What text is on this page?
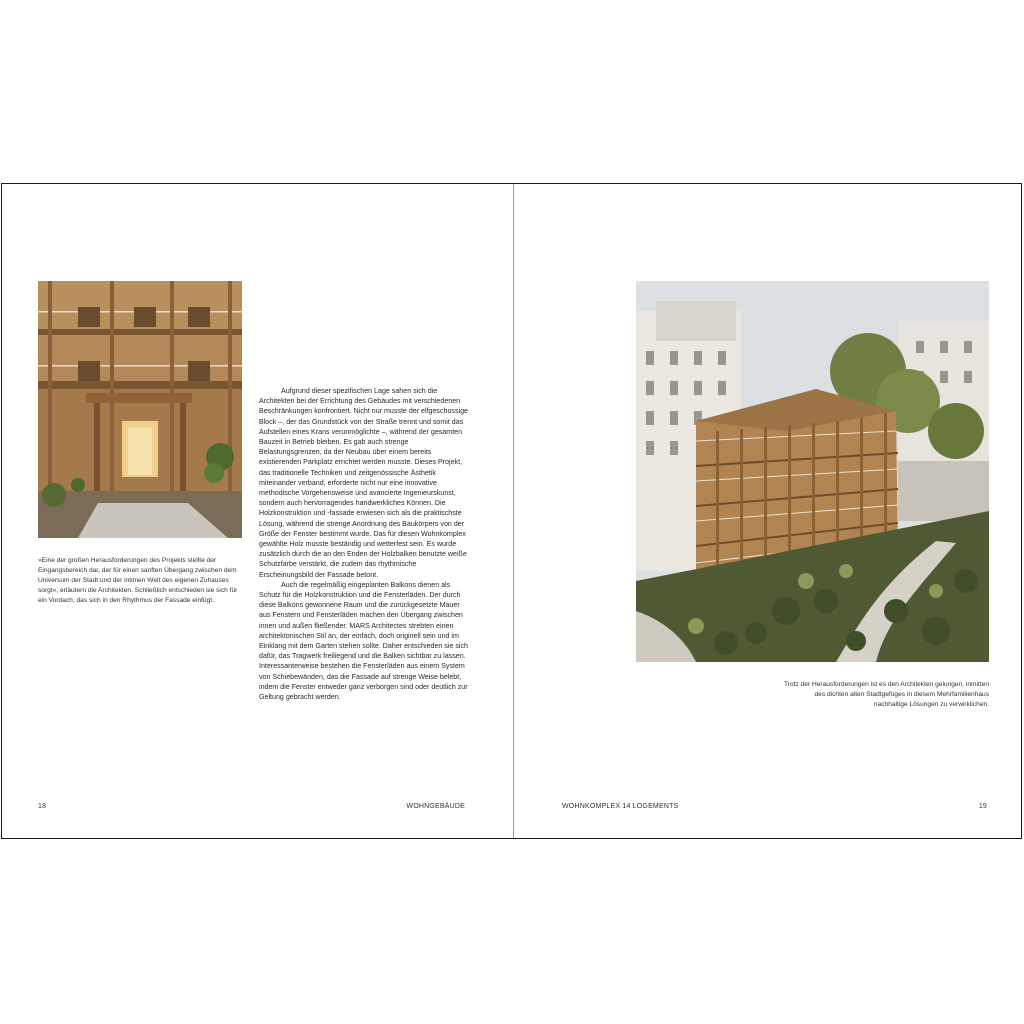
»Eine der großen Herausforderungen des Projekts stellte der Eingangsbereich dar, der für einen sanften Übergang zwischen dem Universum der Stadt und der intimen Welt des eigenen Zuhauses sorgt«, erläutern die Architekten. Schließlich entschieden sie sich für ein Vordach, das sich in den Rhythmus der Fassade einfügt.

Aufgrund dieser spezifischen Lage sahen sich die Architekten bei der Errichtung des Gebäudes mit verschiedenen Beschränkungen konfrontiert. Nicht nur musste der elfgeschossige Block –, der das Grundstück von der Straße trennt und somit das Aufstellen eines Krans verunmöglichte –, während der gesamten Bauzeit in Betrieb bleiben. Es gab auch strenge Belastungsgrenzen, da der Neubau über einem bereits existierenden Parkplatz errichtet werden musste. Dieses Projekt, das traditionelle Techniken und zeitgenössische Ästhetik miteinander verband, erforderte nicht nur eine innovative methodische Vorgehensweise und avancierte Ingenieurskunst, sondern auch hervorragendes handwerkliches Können. Die Holzkonstruktion und -fassade erwiesen sich als die praktischste Lösung, während die strenge Anordnung des Baukörpers von der Größe der Fenster bestimmt wurde. Das für diesen Wohnkomplex gewählte Holz musste beständig und wetterfest sein. Es wurde zusätzlich durch die an den Enden der Holzbalken benutzte weiße Schutzfarbe verstärkt, die zudem das rhythmische Erscheinungsbild der Fassade betont.

Auch die regelmäßig eingeplanten Balkons dienen als Schutz für die Holzkonstruktion und die Fensterläden. Der durch diese Balkons gewonnene Raum und die zurückgesetzte Mauer aus Fenstern und Fensterläden machen den Übergang zwischen innen und außen fließender. MARS Architectes strebten einen architektonischen Stil an, der einfach, doch originell sein und im Einklang mit dem Garten stehen sollte. Daher entschieden sie sich dafür, das Tragwerk freiliegend und die Balken sichtbar zu lassen. Interessanterweise bestehen die Fensterläden aus einem System von Schiebewänden, das die Fassade auf strenge Weise belebt, indem die Fenster entweder ganz verborgen sind oder deutlich zur Geltung gebracht werden.

18	WOHNGEBÄUDE
Trotz der Herausforderungen ist es den Architekten gelungen, inmitten des dichten alten Stadtgefüges in diesem Mehrfamilienhaus nachhaltige Lösungen zu verwirklichen.
WOHNKOMPLEX 14 LOGEMENTS	19
